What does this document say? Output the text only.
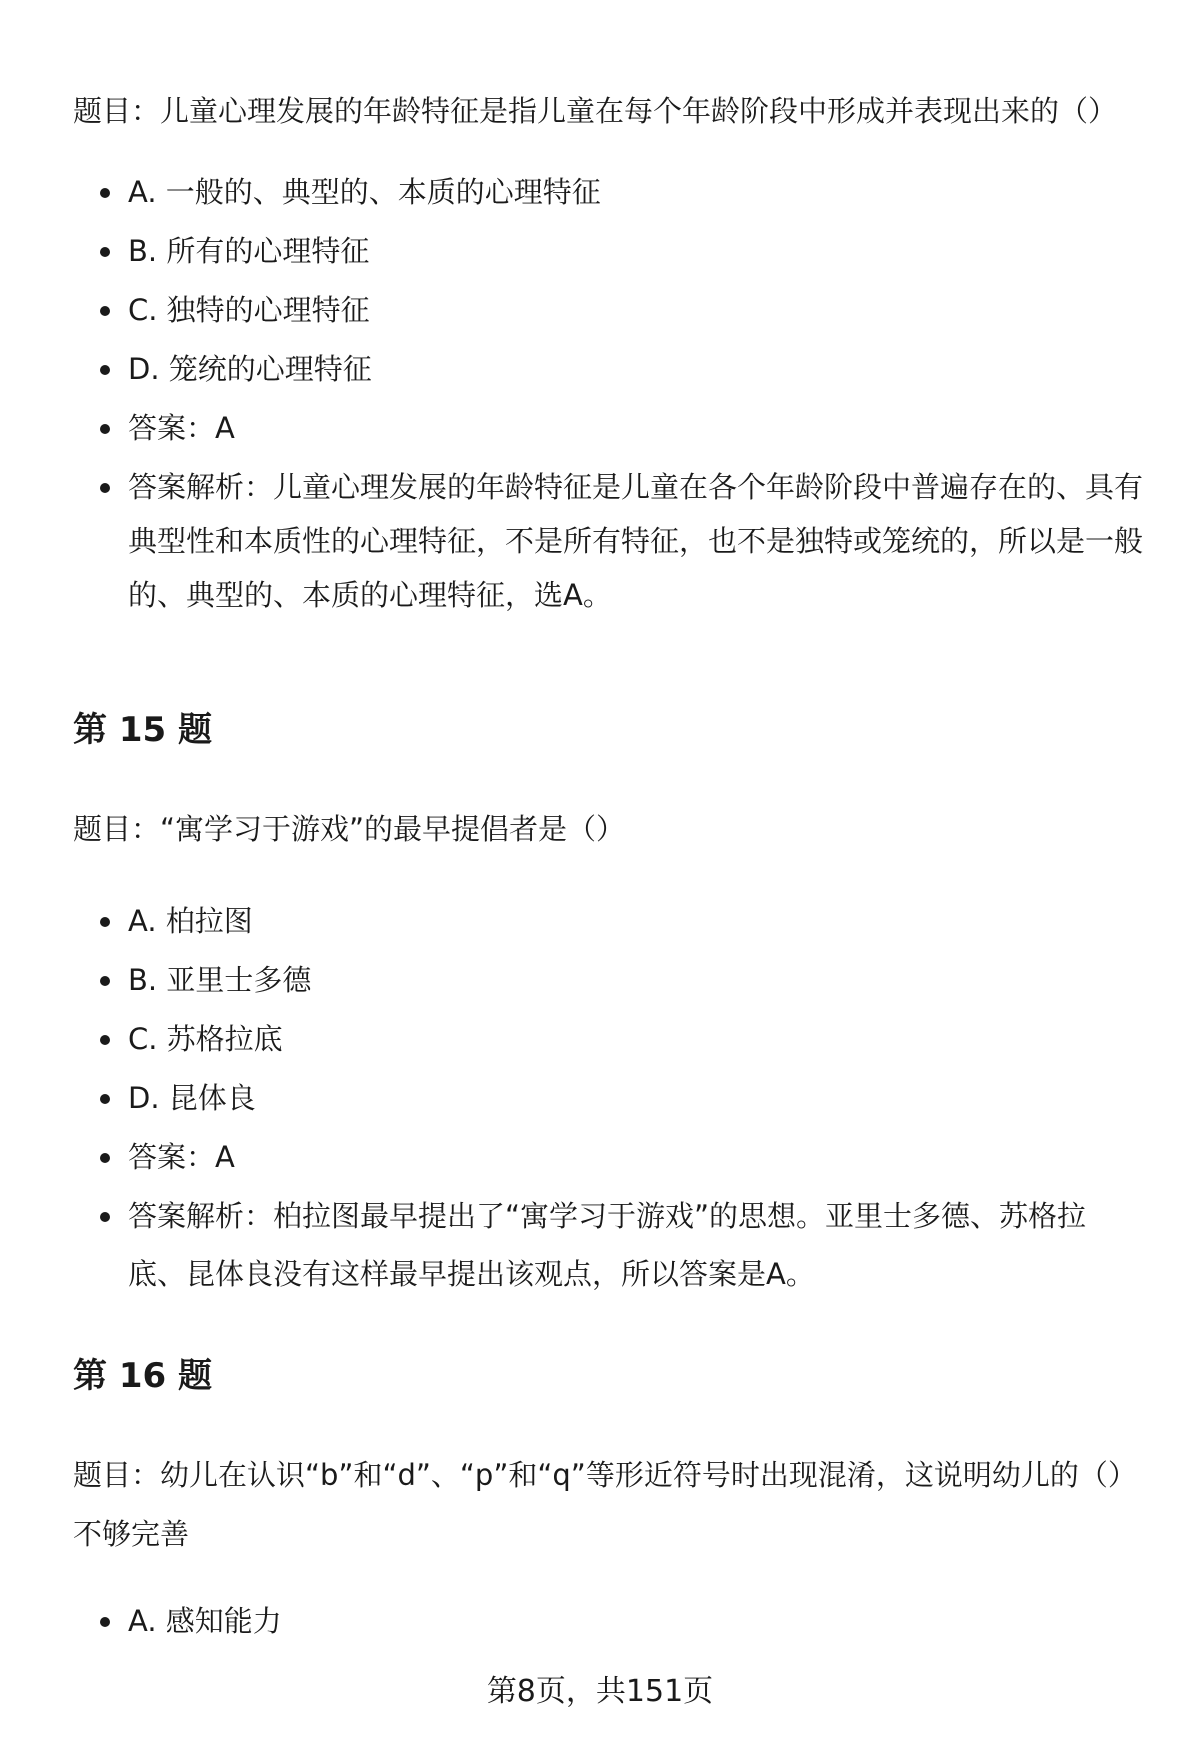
题目：儿童心理发展的年龄特征是指儿童在每个年龄阶段中形成并表现出来的（）

A. 一般的、典型的、本质的心理特征
B. 所有的心理特征
C. 独特的心理特征
D. 笼统的心理特征
答案：A
答案解析：儿童心理发展的年龄特征是儿童在各个年龄阶段中普遍存在的、具有典型性和本质性的心理特征，不是所有特征，也不是独特或笼统的，所以是一般的、典型的、本质的心理特征，选A。
第 15 题

题目：“寓学习于游戏”的最早提倡者是（）

A. 柏拉图
B. 亚里士多德
C. 苏格拉底
D. 昆体良
答案：A
答案解析：柏拉图最早提出了“寓学习于游戏”的思想。亚里士多德、苏格拉底、昆体良没有这样最早提出该观点，所以答案是A。
第 16 题

题目：幼儿在认识“b”和“d”、“p”和“q”等形近符号时出现混淆，这说明幼儿的（）不够完善

A. 感知能力
第8页，共151页
